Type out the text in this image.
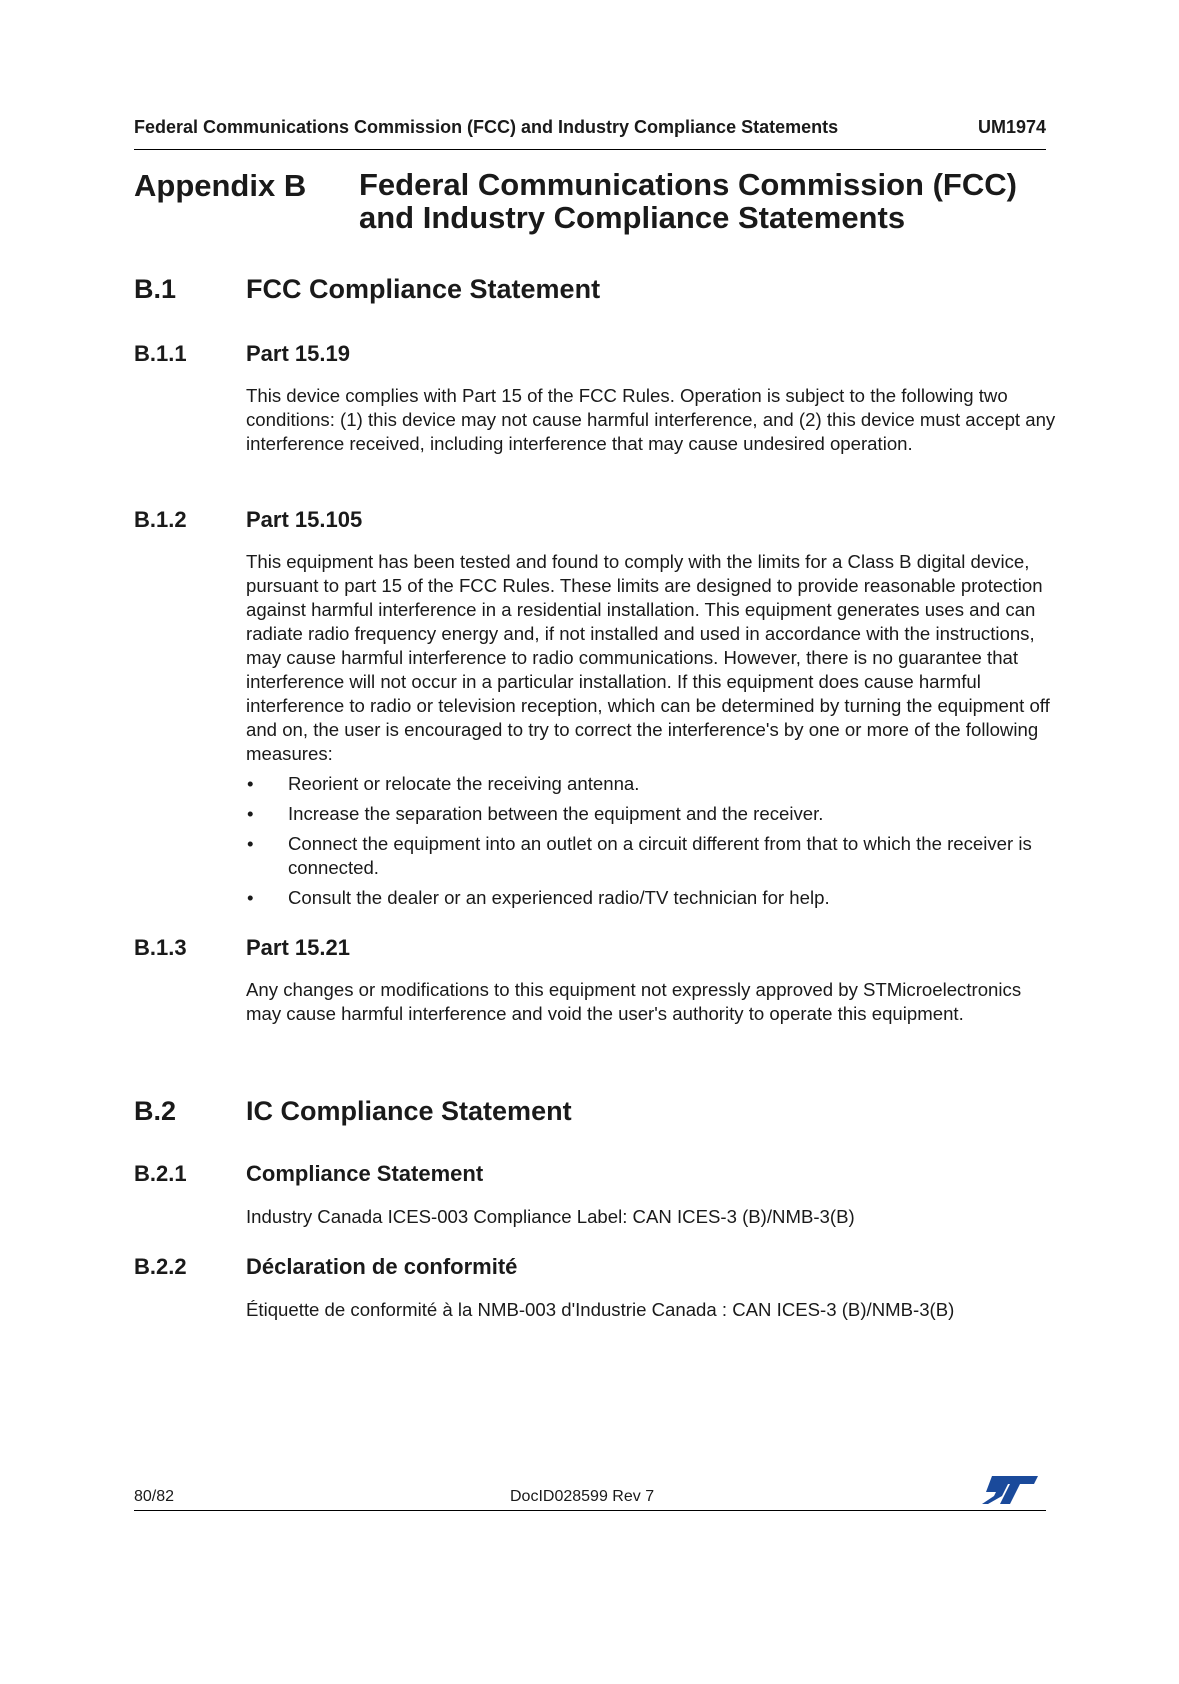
Federal Communications Commission (FCC) and Industry Compliance Statements	UM1974
Appendix B Federal Communications Commission (FCC)
and Industry Compliance Statements
B.1	FCC Compliance Statement
B.1.1	Part 15.19
This device complies with Part 15 of the FCC Rules. Operation is subject to the following two conditions: (1) this device may not cause harmful interference, and (2) this device must accept any interference received, including interference that may cause undesired operation.
B.1.2	Part 15.105
This equipment has been tested and found to comply with the limits for a Class B digital device, pursuant to part 15 of the FCC Rules. These limits are designed to provide reasonable protection against harmful interference in a residential installation. This equipment generates uses and can radiate radio frequency energy and, if not installed and used in accordance with the instructions, may cause harmful interference to radio communications. However, there is no guarantee that interference will not occur in a particular installation. If this equipment does cause harmful interference to radio or television reception, which can be determined by turning the equipment off and on, the user is encouraged to try to correct the interference's by one or more of the following measures:
• Reorient or relocate the receiving antenna.
• Increase the separation between the equipment and the receiver.
• Connect the equipment into an outlet on a circuit different from that to which the receiver is connected.
• Consult the dealer or an experienced radio/TV technician for help.
B.1.3	Part 15.21
Any changes or modifications to this equipment not expressly approved by STMicroelectronics may cause harmful interference and void the user's authority to operate this equipment.
B.2	IC Compliance Statement
B.2.1	Compliance Statement
Industry Canada ICES-003 Compliance Label: CAN ICES-3 (B)/NMB-3(B)
B.2.2	Déclaration de conformité
Étiquette de conformité à la NMB-003 d'Industrie Canada : CAN ICES-3 (B)/NMB-3(B)
80/82	DocID028599 Rev 7	ST
